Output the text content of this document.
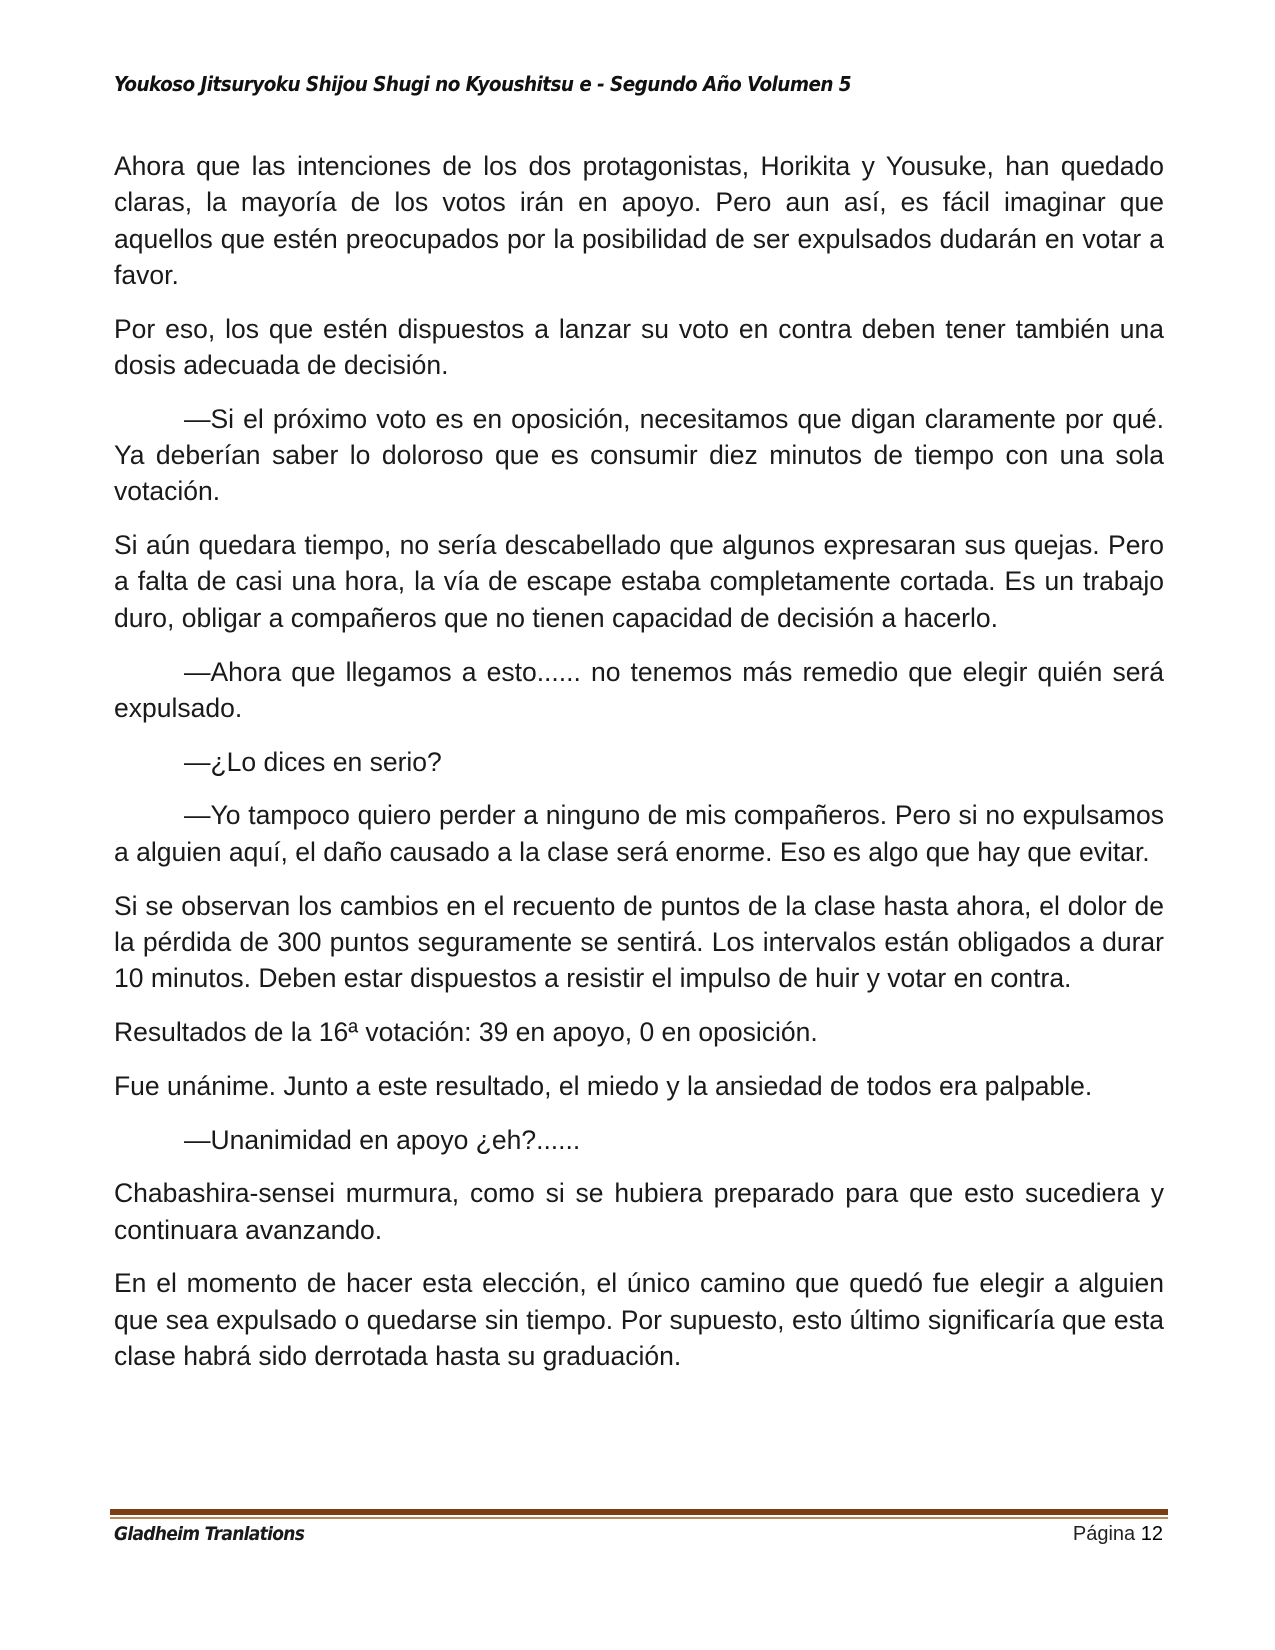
Youkoso Jitsuryoku Shijou Shugi no Kyoushitsu e - Segundo Año Volumen 5

Ahora que las intenciones de los dos protagonistas, Horikita y Yousuke, han quedado claras, la mayoría de los votos irán en apoyo. Pero aun así, es fácil imaginar que aquellos que estén preocupados por la posibilidad de ser expulsados dudarán en votar a favor.

Por eso, los que estén dispuestos a lanzar su voto en contra deben tener también una dosis adecuada de decisión.

—Si el próximo voto es en oposición, necesitamos que digan claramente por qué. Ya deberían saber lo doloroso que es consumir diez minutos de tiempo con una sola votación.

Si aún quedara tiempo, no sería descabellado que algunos expresaran sus quejas. Pero a falta de casi una hora, la vía de escape estaba completamente cortada. Es un trabajo duro, obligar a compañeros que no tienen capacidad de decisión a hacerlo.

—Ahora que llegamos a esto...... no tenemos más remedio que elegir quién será expulsado.

—¿Lo dices en serio?

—Yo tampoco quiero perder a ninguno de mis compañeros. Pero si no expulsamos a alguien aquí, el daño causado a la clase será enorme. Eso es algo que hay que evitar.

Si se observan los cambios en el recuento de puntos de la clase hasta ahora, el dolor de la pérdida de 300 puntos seguramente se sentirá. Los intervalos están obligados a durar 10 minutos. Deben estar dispuestos a resistir el impulso de huir y votar en contra.

Resultados de la 16ª votación: 39 en apoyo, 0 en oposición.

Fue unánime. Junto a este resultado, el miedo y la ansiedad de todos era palpable.

—Unanimidad en apoyo ¿eh?......

Chabashira-sensei murmura, como si se hubiera preparado para que esto sucediera y continuara avanzando.

En el momento de hacer esta elección, el único camino que quedó fue elegir a alguien que sea expulsado o quedarse sin tiempo. Por supuesto, esto último significaría que esta clase habrá sido derrotada hasta su graduación.

Gladheim Tranlations	Página 12
